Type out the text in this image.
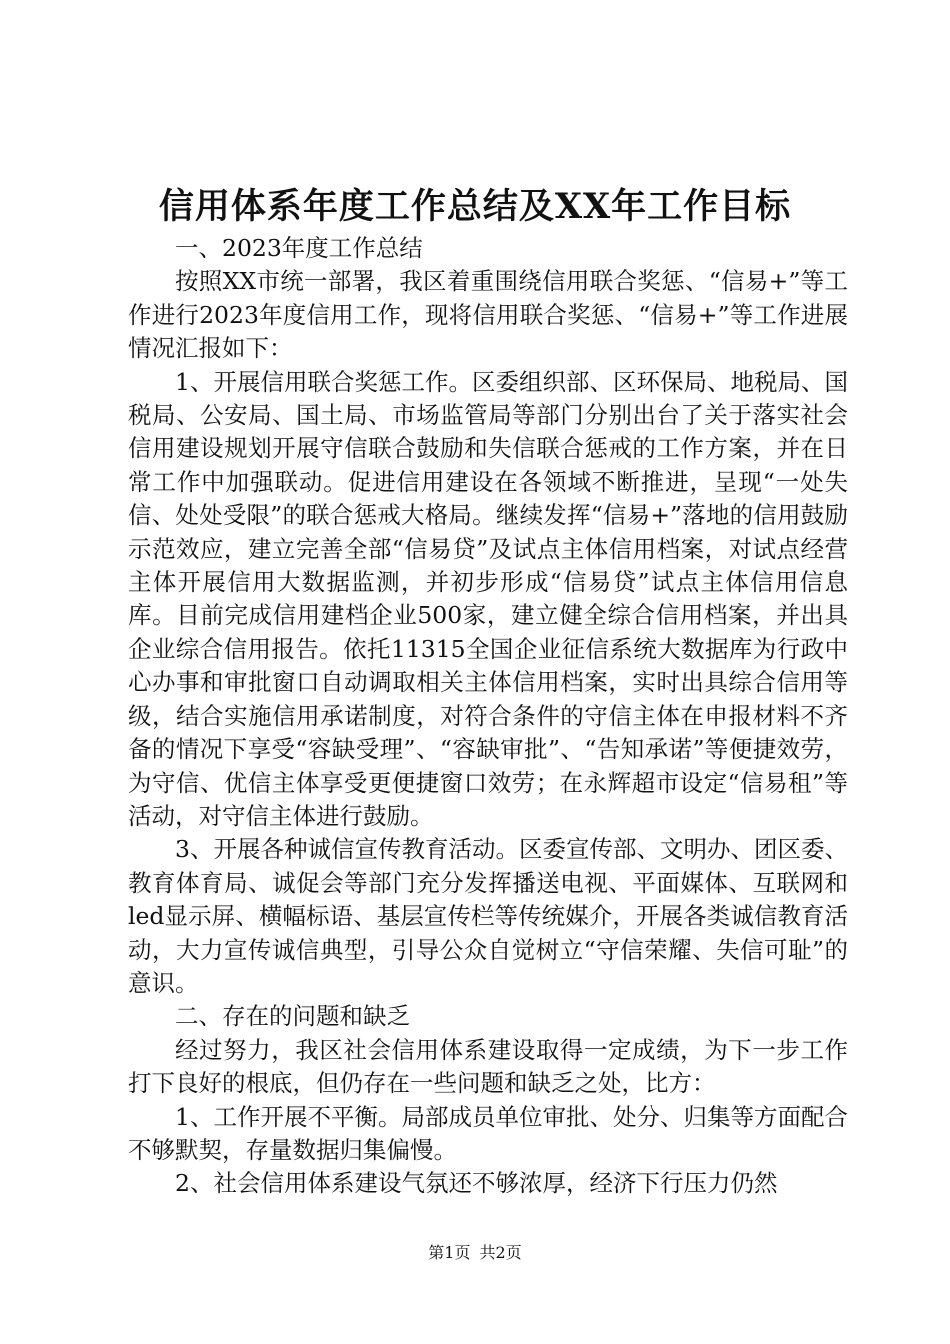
信用体系年度工作总结及XX年工作目标

一、2023年度工作总结

按照XX市统一部署，我区着重围绕信用联合奖惩、“信易+”等工作进行2023年度信用工作，现将信用联合奖惩、“信易+”等工作进展情况汇报如下：

1、开展信用联合奖惩工作。区委组织部、区环保局、地税局、国税局、公安局、国土局、市场监管局等部门分别出台了关于落实社会信用建设规划开展守信联合鼓励和失信联合惩戒的工作方案，并在日常工作中加强联动。促进信用建设在各领域不断推进，呈现“一处失信、处处受限”的联合惩戒大格局。继续发挥“信易+”落地的信用鼓励示范效应，建立完善全部“信易贷”及试点主体信用档案，对试点经营主体开展信用大数据监测，并初步形成“信易贷”试点主体信用信息库。目前完成信用建档企业500家，建立健全综合信用档案，并出具企业综合信用报告。依托11315全国企业征信系统大数据库为行政中心办事和审批窗口自动调取相关主体信用档案，实时出具综合信用等级，结合实施信用承诺制度，对符合条件的守信主体在申报材料不齐备的情况下享受“容缺受理”、“容缺审批”、“告知承诺”等便捷效劳，为守信、优信主体享受更便捷窗口效劳；在永辉超市设定“信易租”等活动，对守信主体进行鼓励。

3、开展各种诚信宣传教育活动。区委宣传部、文明办、团区委、教育体育局、诚促会等部门充分发挥播送电视、平面媒体、互联网和led显示屏、横幅标语、基层宣传栏等传统媒介，开展各类诚信教育活动，大力宣传诚信典型，引导公众自觉树立“守信荣耀、失信可耻”的意识。

二、存在的问题和缺乏

经过努力，我区社会信用体系建设取得一定成绩，为下一步工作打下良好的根底，但仍存在一些问题和缺乏之处，比方：

1、工作开展不平衡。局部成员单位审批、处分、归集等方面配合不够默契，存量数据归集偏慢。

2、社会信用体系建设气氛还不够浓厚，经济下行压力仍然

第1页 共2页
